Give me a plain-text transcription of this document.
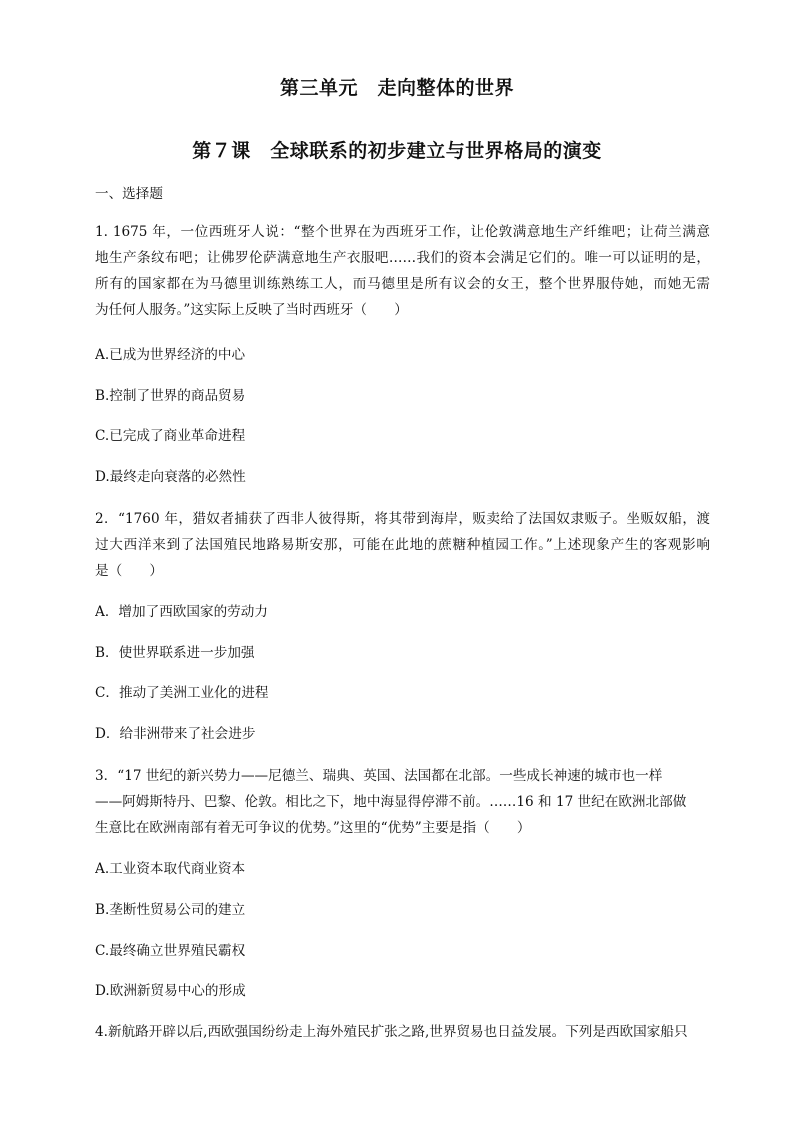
第三单元　走向整体的世界
第７课　全球联系的初步建立与世界格局的演变
一、选择题
1. 1675 年，一位西班牙人说：“整个世界在为西班牙工作，让伦敦满意地生产纤维吧；让荷兰满意
地生产条纹布吧；让佛罗伦萨满意地生产衣服吧……我们的资本会满足它们的。唯一可以证明的是，
所有的国家都在为马德里训练熟练工人，而马德里是所有议会的女王，整个世界服侍她，而她无需
为任何人服务。”这实际上反映了当时西班牙（　　）
A.已成为世界经济的中心
B.控制了世界的商品贸易
C.已完成了商业革命进程
D.最终走向衰落的必然性
2．“1760 年，猎奴者捕获了西非人彼得斯，将其带到海岸，贩卖给了法国奴隶贩子。坐贩奴船，渡
过大西洋来到了法国殖民地路易斯安那，可能在此地的蔗糖种植园工作。”上述现象产生的客观影响
是（　　）
A．增加了西欧国家的劳动力
B．使世界联系进一步加强
C．推动了美洲工业化的进程
D．给非洲带来了社会进步
3．“17 世纪的新兴势力——尼德兰、瑞典、英国、法国都在北部。一些成长神速的城市也一样
——阿姆斯特丹、巴黎、伦敦。相比之下，地中海显得停滞不前。……16 和 17 世纪在欧洲北部做
生意比在欧洲南部有着无可争议的优势。”这里的“优势”主要是指（　　）
A.工业资本取代商业资本
B.垄断性贸易公司的建立
C.最终确立世界殖民霸权
D.欧洲新贸易中心的形成
4.新航路开辟以后,西欧强国纷纷走上海外殖民扩张之路,世界贸易也日益发展。下列是西欧国家船只
